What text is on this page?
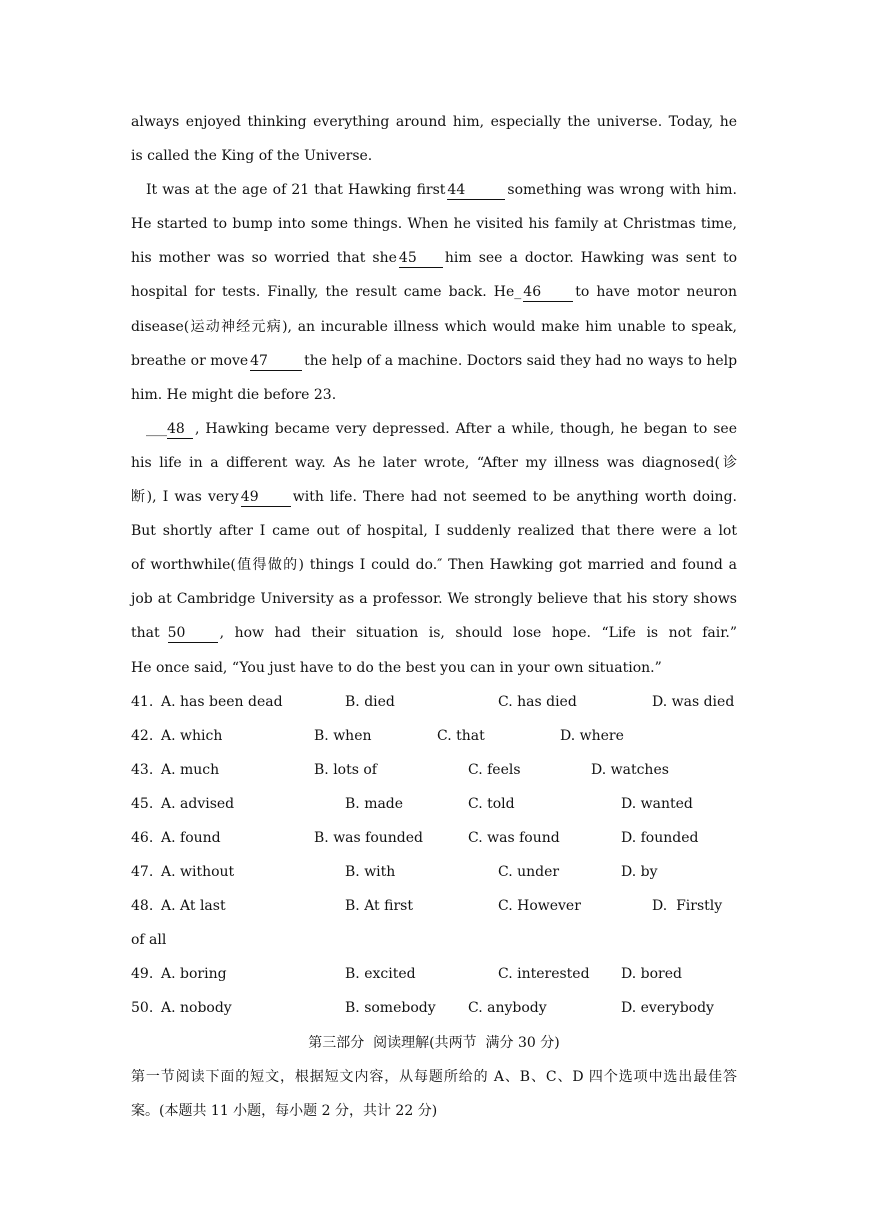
always enjoyed thinking everything around him, especially the universe. Today, he
is called the King of the Universe.
It was at the age of 21 that Hawking first 44	something was wrong with him.
He started to bump into some things. When he visited his family at Christmas time,
his mother was so worried that she 45 him see a doctor. Hawking was sent to
hospital for tests. Finally, the result came back. He_ 46 to have motor neuron
disease(运动神经元病), an incurable illness which would make him unable to speak,
breathe or move 47	the help of a machine. Doctors said they had no ways to help
him. He might die before 23.
___48 , Hawking became very depressed. After a while, though, he began to see
his life in a different way. As he later wrote, “After my illness was diagnosed(诊
断), I was very 49 with life. There had not seemed to be anything worth doing.
But shortly after I came out of hospital, I suddenly realized that there were a lot
of worthwhile(值得做的) things I could do.″ Then Hawking got married and found a
job at Cambridge University as a professor. We strongly believe that his story shows
that 50 , how had their situation is, should lose hope. “Life is not fair.”
He once said, “You just have to do the best you can in your own situation.”
41. A. has been dead	B. died	C. has died	D. was died
42. A. which	B. when	C. that	D. where
43. A. much	B. lots of	C. feels	D. watches
45. A. advised	B. made	C. told	D. wanted
46. A. found	B. was founded	C. was found	D. founded
47. A. without	B. with	C. under	D. by
48. A. At last	B. At first	C. However	D.  Firstly
of all
49. A. boring	B. excited	C. interested D. bored
50. A. nobody	B. somebody C. anybody	D. everybody
第三部分  阅读理解(共两节  满分 30 分)
第一节阅读下面的短文，根据短文内容，从每题所给的 A、B、C、D 四个选项中选出最佳答
案。(本题共 11 小题，每小题 2 分，共计 22 分)
